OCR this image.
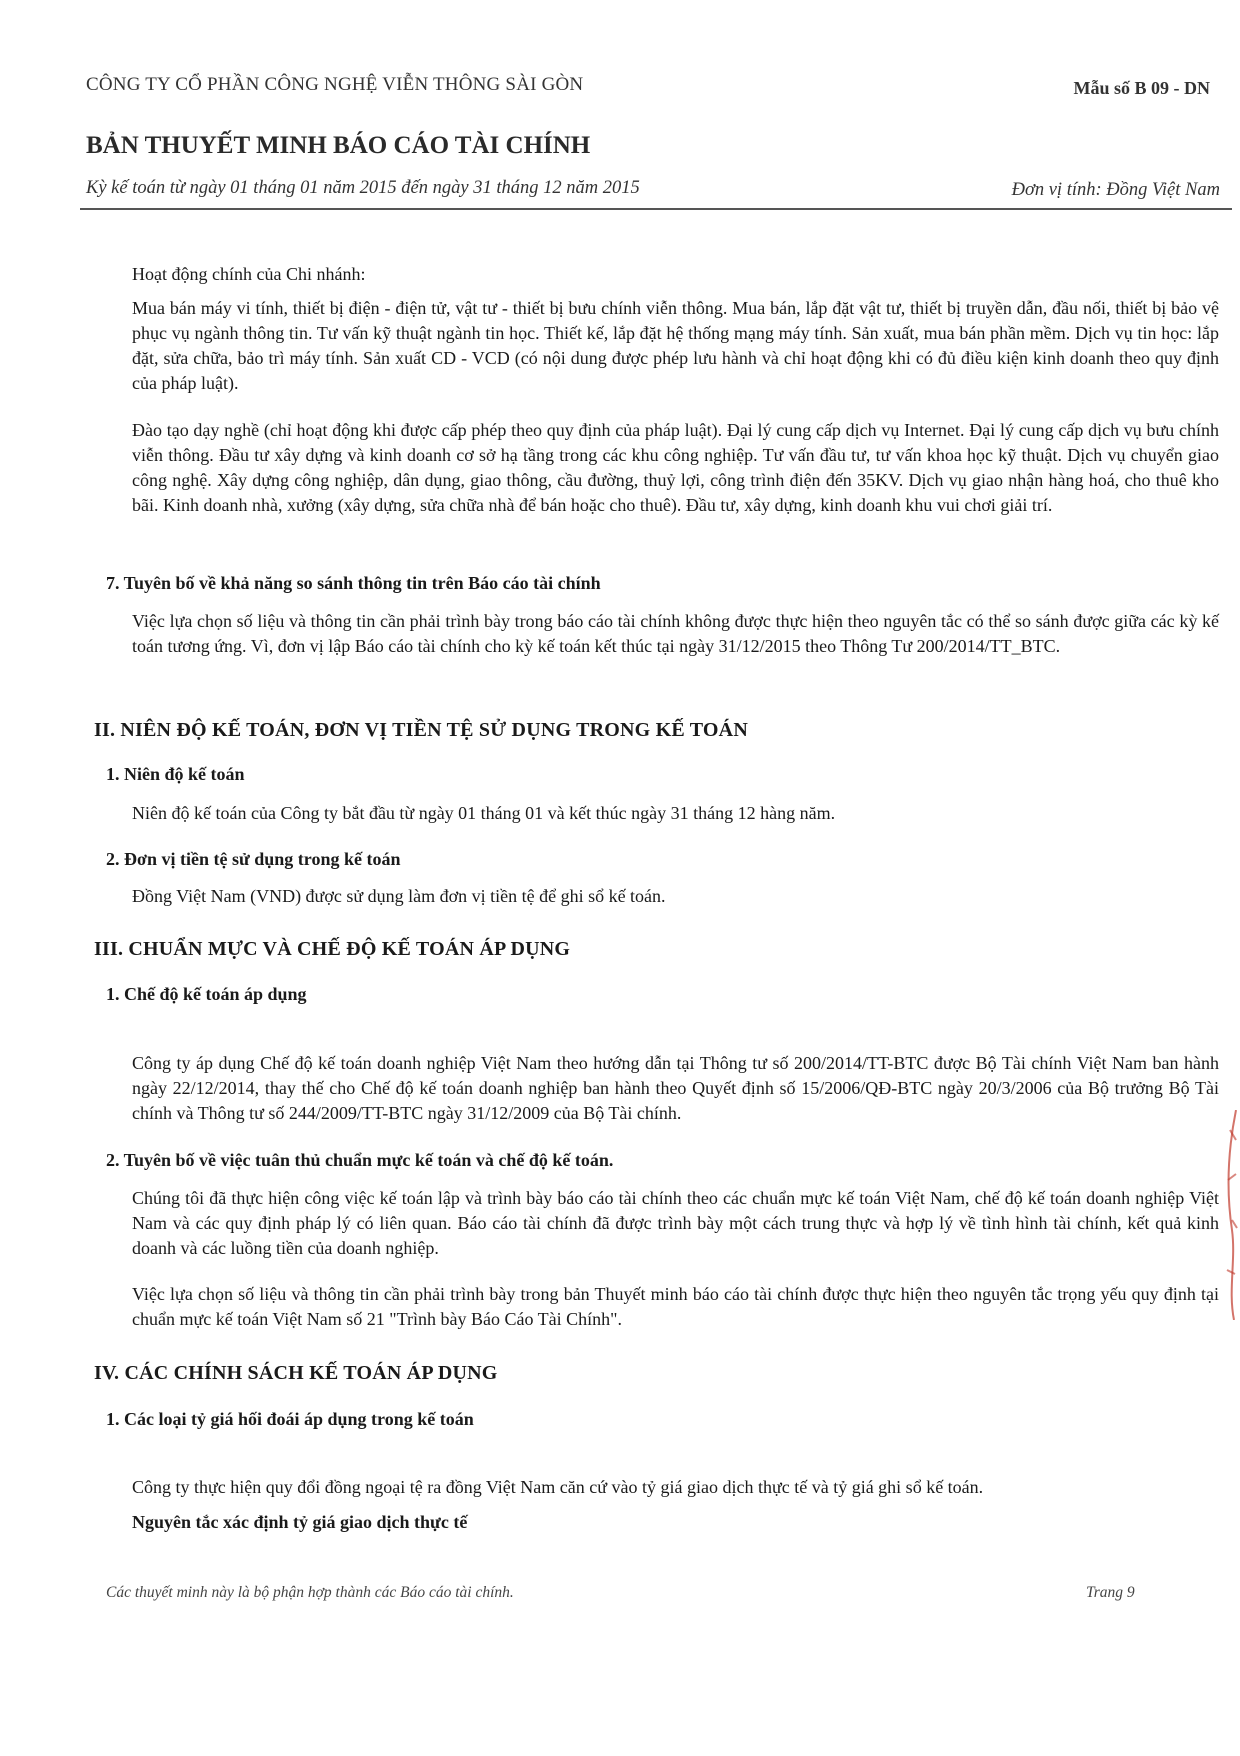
CÔNG TY CỔ PHẦN CÔNG NGHỆ VIỄN THÔNG SÀI GÒN	Mẫu số B 09 - DN
BẢN THUYẾT MINH BÁO CÁO TÀI CHÍNH
Kỳ kế toán từ ngày 01 tháng 01 năm 2015 đến ngày 31 tháng 12 năm 2015	Đơn vị tính: Đồng Việt Nam

Hoạt động chính của Chi nhánh:

Mua bán máy vi tính, thiết bị điện - điện tử, vật tư - thiết bị bưu chính viễn thông. Mua bán, lắp đặt vật tư, thiết bị truyền dẫn, đầu nối, thiết bị bảo vệ phục vụ ngành thông tin. Tư vấn kỹ thuật ngành tin học. Thiết kế, lắp đặt hệ thống mạng máy tính. Sản xuất, mua bán phần mềm. Dịch vụ tin học: lắp đặt, sửa chữa, bảo trì máy tính. Sản xuất CD - VCD (có nội dung được phép lưu hành và chỉ hoạt động khi có đủ điều kiện kinh doanh theo quy định của pháp luật).

Đào tạo dạy nghề (chỉ hoạt động khi được cấp phép theo quy định của pháp luật). Đại lý cung cấp dịch vụ Internet. Đại lý cung cấp dịch vụ bưu chính viễn thông. Đầu tư xây dựng và kinh doanh cơ sở hạ tầng trong các khu công nghiệp. Tư vấn đầu tư, tư vấn khoa học kỹ thuật. Dịch vụ chuyển giao công nghệ. Xây dựng công nghiệp, dân dụng, giao thông, cầu đường, thuỷ lợi, công trình điện đến 35KV. Dịch vụ giao nhận hàng hoá, cho thuê kho bãi. Kinh doanh nhà, xưởng (xây dựng, sửa chữa nhà để bán hoặc cho thuê). Đầu tư, xây dựng, kinh doanh khu vui chơi giải trí.

7. Tuyên bố về khả năng so sánh thông tin trên Báo cáo tài chính

Việc lựa chọn số liệu và thông tin cần phải trình bày trong báo cáo tài chính không được thực hiện theo nguyên tắc có thể so sánh được giữa các kỳ kế toán tương ứng. Vì, đơn vị lập Báo cáo tài chính cho kỳ kế toán kết thúc tại ngày 31/12/2015 theo Thông Tư 200/2014/TT_BTC.

II. NIÊN ĐỘ KẾ TOÁN, ĐƠN VỊ TIỀN TỆ SỬ DỤNG TRONG KẾ TOÁN

1. Niên độ kế toán

Niên độ kế toán của Công ty bắt đầu từ ngày 01 tháng 01 và kết thúc ngày 31 tháng 12 hàng năm.

2. Đơn vị tiền tệ sử dụng trong kế toán

Đồng Việt Nam (VND) được sử dụng làm đơn vị tiền tệ để ghi sổ kế toán.

III. CHUẨN MỰC VÀ CHẾ ĐỘ KẾ TOÁN ÁP DỤNG

1. Chế độ kế toán áp dụng

Công ty áp dụng Chế độ kế toán doanh nghiệp Việt Nam theo hướng dẫn tại Thông tư số 200/2014/TT-BTC được Bộ Tài chính Việt Nam ban hành ngày 22/12/2014, thay thế cho Chế độ kế toán doanh nghiệp ban hành theo Quyết định số 15/2006/QĐ-BTC ngày 20/3/2006 của Bộ trưởng Bộ Tài chính và Thông tư số 244/2009/TT-BTC ngày 31/12/2009 của Bộ Tài chính.

2. Tuyên bố về việc tuân thủ chuẩn mực kế toán và chế độ kế toán.

Chúng tôi đã thực hiện công việc kế toán lập và trình bày báo cáo tài chính theo các chuẩn mực kế toán Việt Nam, chế độ kế toán doanh nghiệp Việt Nam và các quy định pháp lý có liên quan. Báo cáo tài chính đã được trình bày một cách trung thực và hợp lý về tình hình tài chính, kết quả kinh doanh và các luồng tiền của doanh nghiệp.

Việc lựa chọn số liệu và thông tin cần phải trình bày trong bản Thuyết minh báo cáo tài chính được thực hiện theo nguyên tắc trọng yếu quy định tại chuẩn mực kế toán Việt Nam số 21 "Trình bày Báo Cáo Tài Chính".

IV. CÁC CHÍNH SÁCH KẾ TOÁN ÁP DỤNG

1. Các loại tỷ giá hối đoái áp dụng trong kế toán

Công ty thực hiện quy đổi đồng ngoại tệ ra đồng Việt Nam căn cứ vào tỷ giá giao dịch thực tế và tỷ giá ghi sổ kế toán.

Nguyên tắc xác định tỷ giá giao dịch thực tế

Các thuyết minh này là bộ phận hợp thành các Báo cáo tài chính.	Trang 9
